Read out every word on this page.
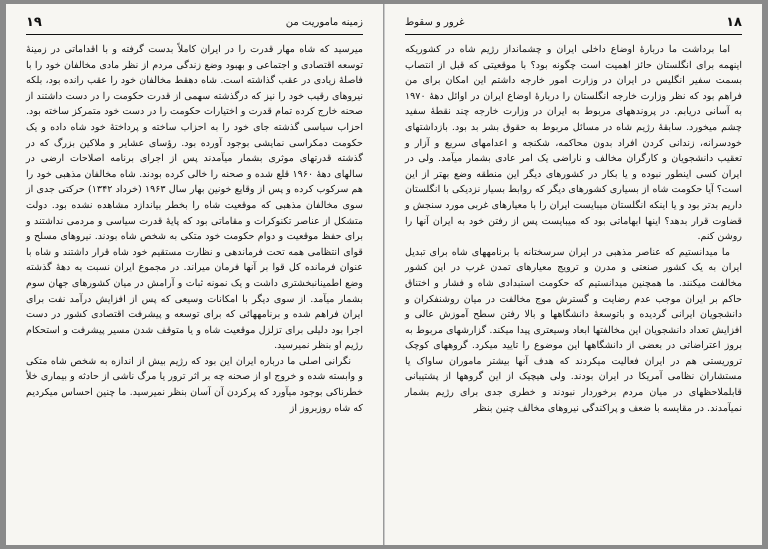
۱۹	زمینه ماموریت من

میرسید که شاه مهار قدرت را در ایران کاملاً بدست گرفته و با اقداماتی در زمینهٔ توسعه اقتصادی و اجتماعی و بهبود وضع زندگی مردم از نظر مادی مخالفان خود را با فاصلهٔ زیادی در عقب گذاشته است. شاه دهقط مخالفان خود را عقب رانده بود، بلکه نیروهای رقیب خود را نیز که درگذشته سهمی از قدرت حکومت را در دست داشتند از صحنه خارج کرده تمام قدرت و اختیارات حکومت را در دست خود متمرکز ساخته بود. احزاب سیاسی گذشته جای خود را به احزاب ساخته و پرداختهٔ خود شاه داده و یک حکومت دمکراسی نمایشی بوجود آورده بود. رؤسای عشایر و ملاکین بزرگ که در گذشته قدرتهای موثری بشمار میآمدند پس از اجرای برنامه اصلاحات ارضی در سالهای دههٔ ۱۹۶۰ قلع شده و صحنه را خالی کرده بودند. شاه مخالفان مذهبی خود را هم سرکوب کرده و پس از وقایع خونین بهار سال ۱۹۶۳ (خرداد ۱۳۴۲) حرکتی جدی از سوی مخالفان مذهبی که موقعیت شاه را بخطر بیاندازد مشاهده نشده بود. دولت متشکل از عناصر تکنوکرات و مقاماتی بود که پایهٔ قدرت سیاسی و مردمی نداشتند و برای حفظ موقعیت و دوام حکومت خود متکی به شخص شاه بودند. نیروهای مسلح و قوای انتظامی همه تحت فرماندهی و نظارت مستقیم خود شاه قرار داشتند و شاه با عنوان فرمانده کل قوا بر آنها فرمان میراند. در مجموع ایران نسبت به دههٔ گذشته وضع اطمینانبخشتری داشت و یک نمونه ثبات و آرامش در میان کشورهای جهان سوم بشمار میآمد. از سوی دیگر با امکانات وسیعی که پس از افزایش درآمد نفت برای ایران فراهم شده و برنامههائی که برای توسعه و پیشرفت اقتصادی کشور در دست اجرا بود دلیلی برای تزلزل موقعیت شاه و یا متوقف شدن مسیر پیشرفت و استحکام رژیم او بنظر نمیرسید.

نگرانی اصلی ما درباره ایران این بود که رژیم بیش از اندازه به شخص شاه متکی و وابسته شده و خروج او از صحنه چه بر اثر ترور یا مرگ ناشی از حادثه و بیماری خلأ خطرناکی بوجود میآورد که پرکردن آن آسان بنظر نمیرسید. ما چنین احساس میکردیم که شاه روزبروز از

غرور و سقوط	۱۸

اما برداشت ما دربارهٔ اوضاع داخلی ایران و چشمانداز رژیم شاه در کشوریکه اینهمه برای انگلستان حائز اهمیت است چگونه بود؟ با موقعیتی که قبل از انتصاب بسمت سفیر انگلیس در ایران در وزارت امور خارجه داشتم این امکان برای من فراهم بود که نظر وزارت خارجه انگلستان را دربارهٔ اوضاع ایران در اوائل دههٔ ۱۹۷۰ به آسانی دریابم. در پروندههای مربوط به ایران در وزارت خارجه چند نقطهٔ سفید چشم میخورد. سابقهٔ رژیم شاه در مسائل مربوط به حقوق بشر بد بود. بازداشتهای خودسرانه، زندانی کردن افراد بدون محاکمه، شکنجه و اعدامهای سریع و آزار و تعقیب دانشجویان و کارگران مخالف و ناراضی یک امر عادی بشمار میآمد. ولی در ایران کسی اینطور نبوده و یا بکار در کشورهای دیگر این منطقه وضع بهتر از این است؟ آیا حکومت شاه از بسیاری کشورهای دیگر که روابط بسیار نزدیکی با انگلستان داریم بدتر بود و یا اینکه انگلستان میبایست ایران را با معیارهای غربی مورد سنجش و قضاوت قرار بدهد؟ اینها ابهاماتی بود که میبایست پس از رفتن خود به ایران آنها را روشن کنم.

ما میدانستیم که عناصر مذهبی در ایران سرسختانه با برنامههای شاه برای تبدیل ایران به یک کشور صنعتی و مدرن و ترویج معیارهای تمدن غرب در این کشور مخالفت میکنند. ما همچنین میدانستیم که حکومت استبدادی شاه و فشار و اختناق حاکم بر ایران موجب عدم رضایت و گسترش موج مخالفت در میان روشنفکران و دانشجویان ایرانی گردیده و باتوسعهٔ دانشگاهها و بالا رفتن سطح آموزش عالی و افزایش تعداد دانشجویان این مخالفتها ابعاد وسیعتری پیدا میکند. گزارشهای مربوط به بروز اعتراضاتی در بعضی از دانشگاهها این موضوع را تایید میکرد. گروههای کوچک تروریستی هم در ایران فعالیت میکردند که هدف آنها بیشتر ماموران ساواک یا مستشاران نظامی آمریکا در ایران بودند. ولی هیچیک از این گروهها از پشتیبانی قابلملاحظهای در میان مردم برخوردار نبودند و خطری جدی برای رژیم بشمار نمیآمدند. در مقایسه با ضعف و پراکندگی نیروهای مخالف چنین بنظر
